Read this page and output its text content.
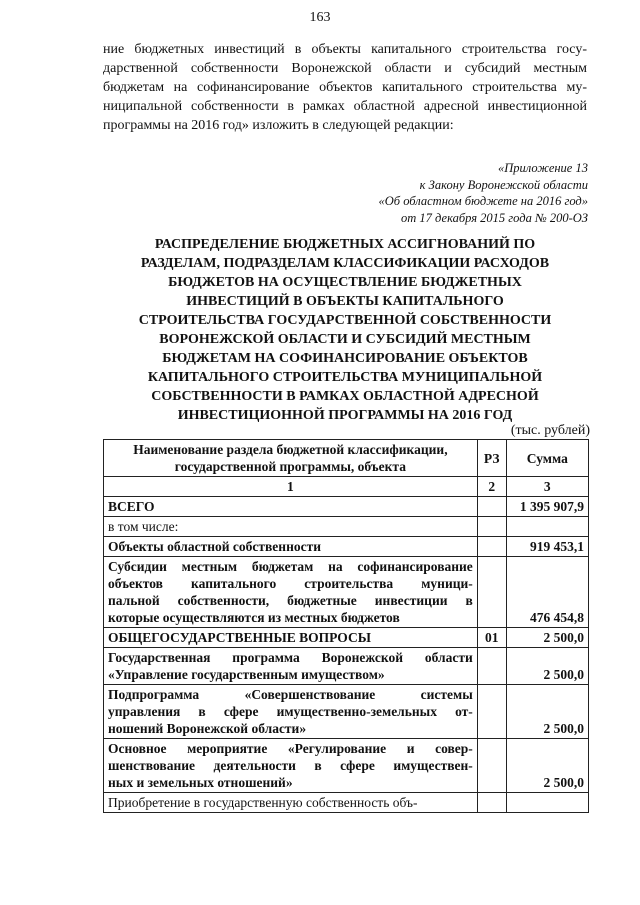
163
ние бюджетных инвестиций в объекты капитального строительства госу-
дарственной собственности Воронежской области и субсидий местным
бюджетам на софинансирование объектов капитального строительства му-
ниципальной собственности в рамках областной адресной инвестиционной
программы на 2016 год» изложить в следующей редакции:
«Приложение 13
к Закону Воронежской области
«Об областном бюджете на 2016 год»
от 17 декабря 2015 года № 200-ОЗ
РАСПРЕДЕЛЕНИЕ БЮДЖЕТНЫХ АССИГНОВАНИЙ ПО
РАЗДЕЛАМ, ПОДРАЗДЕЛАМ КЛАССИФИКАЦИИ РАСХОДОВ
БЮДЖЕТОВ НА ОСУЩЕСТВЛЕНИЕ БЮДЖЕТНЫХ
ИНВЕСТИЦИЙ В ОБЪЕКТЫ КАПИТАЛЬНОГО
СТРОИТЕЛЬСТВА ГОСУДАРСТВЕННОЙ СОБСТВЕННОСТИ
ВОРОНЕЖСКОЙ ОБЛАСТИ И СУБСИДИЙ МЕСТНЫМ
БЮДЖЕТАМ НА СОФИНАНСИРОВАНИЕ ОБЪЕКТОВ
КАПИТАЛЬНОГО СТРОИТЕЛЬСТВА МУНИЦИПАЛЬНОЙ
СОБСТВЕННОСТИ В РАМКАХ ОБЛАСТНОЙ АДРЕСНОЙ
ИНВЕСТИЦИОННОЙ ПРОГРАММЫ НА 2016 ГОД
(тыс. рублей)
Наименование раздела бюджетной классификации, государственной программы, объекта	РЗ	Сумма
1	2	3
ВСЕГО		1 395 907,9
в том числе:		
Объекты областной собственности		919 453,1

Субсидии местным бюджетам на софинансирование
объектов капитального строительства муници-
пальной собственности, бюджетные инвестиции в
которые осуществляются из местных бюджетов		476 454,8
ОБЩЕГОСУДАРСТВЕННЫЕ ВОПРОСЫ	01	2 500,0

Государственная программа Воронежской области
«Управление государственным имуществом»		2 500,0

Подпрограмма «Совершенствование системы
управления в сфере имущественно-земельных от-
ношений Воронежской области»		2 500,0

Основное мероприятие «Регулирование и совер-
шенствование деятельности в сфере имуществен-
ных и земельных отношений»		2 500,0
Приобретение в государственную собственность объ-		
